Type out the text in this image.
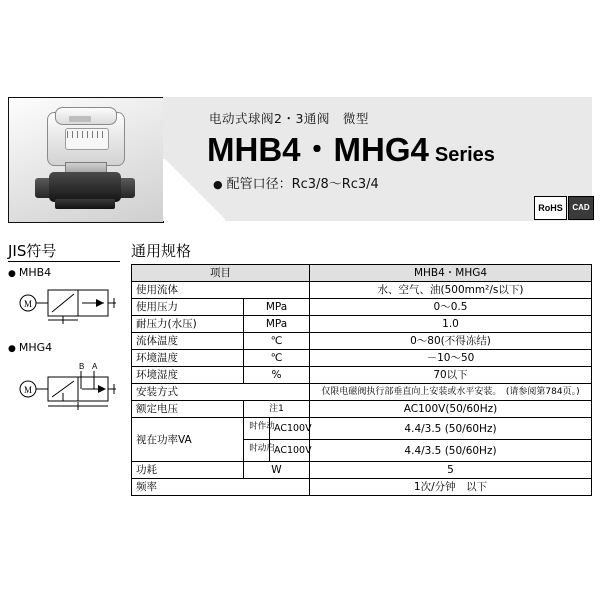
电动式球阀2・3通阀　微型
MHB4・MHG4 Series
● 配管口径：Rc3/8～Rc3/4
RoHS	CAD
JIS符号
● MHB4
M
● MHG4
B A
M
通用规格
项目			MHB4・MHG4
使用流体			水、空气、油(500mm²/s以下)
使用压力	MPa		0～0.5
耐压力(水压)	MPa		1.0
流体温度	℃		0～80(不得冻结)
环境温度	℃		－10～50
环境湿度	%		70以下
安装方式			仅限电磁阀执行部垂直向上安装或水平安装。　(请参阅第784页。)
额定电压	注1		AC100V(50/60Hz)
视在功率VA	动作时	AC100V	4.4/3.5 (50/60Hz)
	启动时	AC100V	4.4/3.5 (50/60Hz)
功耗	W		5
频率			1次/分钟　以下
